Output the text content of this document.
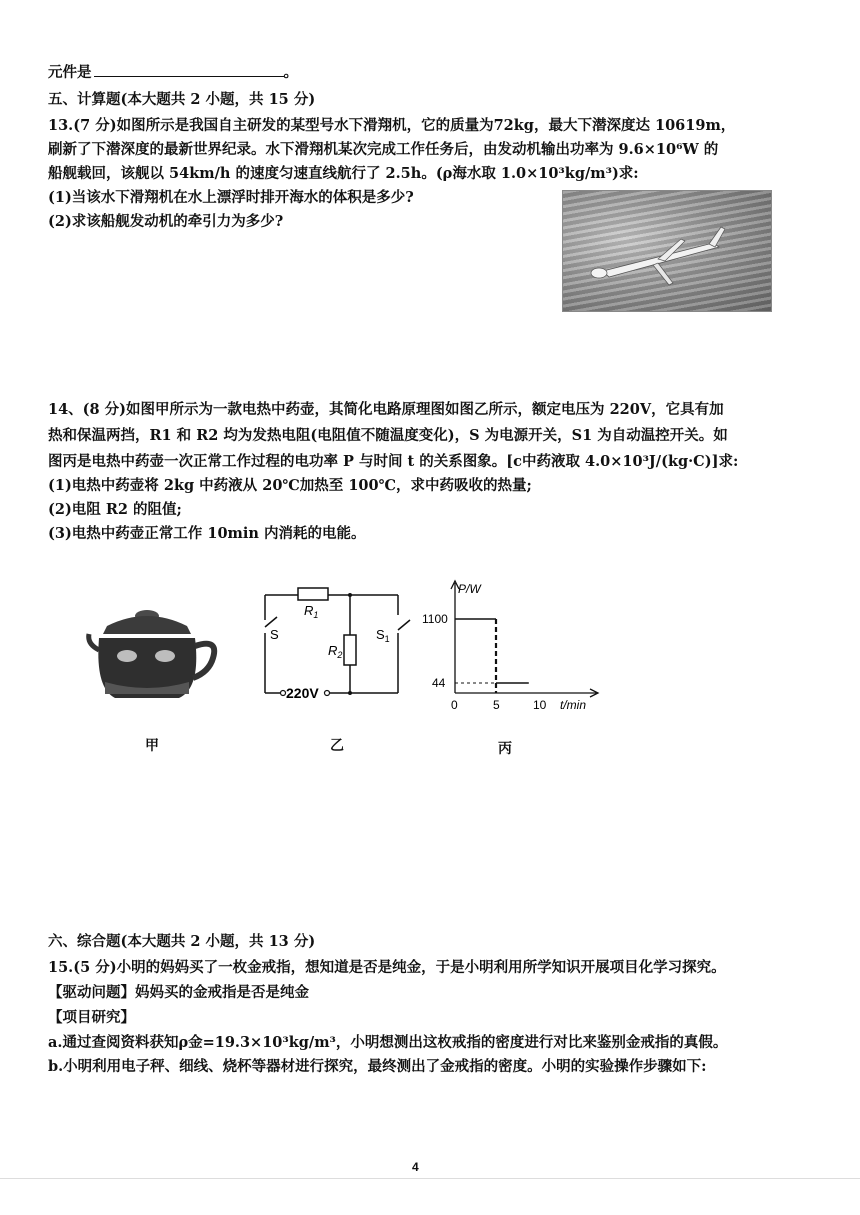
元件是	。
五、计算题(本大题共 2 小题，共 15 分)
13.(7 分)如图所示是我国自主研发的某型号水下滑翔机，它的质量为72kg，最大下潜深度达 10619m，
刷新了下潜深度的最新世界纪录。水下滑翔机某次完成工作任务后，由发动机输出功率为 9.6×10⁶W 的
船舰载回，该舰以 54km/h 的速度匀速直线航行了 2.5h。(ρ海水取 1.0×10³kg/m³)求:
(1)当该水下滑翔机在水上漂浮时排开海水的体积是多少?
(2)求该船舰发动机的牵引力为多少?
14、(8 分)如图甲所示为一款电热中药壶，其简化电路原理图如图乙所示，额定电压为 220V，它具有加
热和保温两挡，R1 和 R2 均为发热电阻(电阻值不随温度变化)，S 为电源开关，S1 为自动温控开关。如
图丙是电热中药壶一次正常工作过程的电功率 P 与时间 t 的关系图象。[c中药液取 4.0×10³J/(kg·C)]求:
(1)电热中药壶将 2kg 中药液从 20℃加热至 100℃，求中药吸收的热量;
(2)电阻 R2 的阻值;
(3)电热中药壶正常工作 10min 内消耗的电能。
$R_1$
$R_2$
S	$S_1$
220V
P/W
1100
44
0	5	10 t/min
甲	乙	丙
六、综合题(本大题共 2 小题，共 13 分)
15.(5 分)小明的妈妈买了一枚金戒指，想知道是否是纯金，于是小明利用所学知识开展项目化学习探究。
【驱动问题】妈妈买的金戒指是否是纯金
【项目研究】
a.通过查阅资料获知ρ金=19.3×10³kg/m³，小明想测出这枚戒指的密度进行对比来鉴别金戒指的真假。
b.小明利用电子秤、细线、烧杯等器材进行探究，最终测出了金戒指的密度。小明的实验操作步骤如下:
4
